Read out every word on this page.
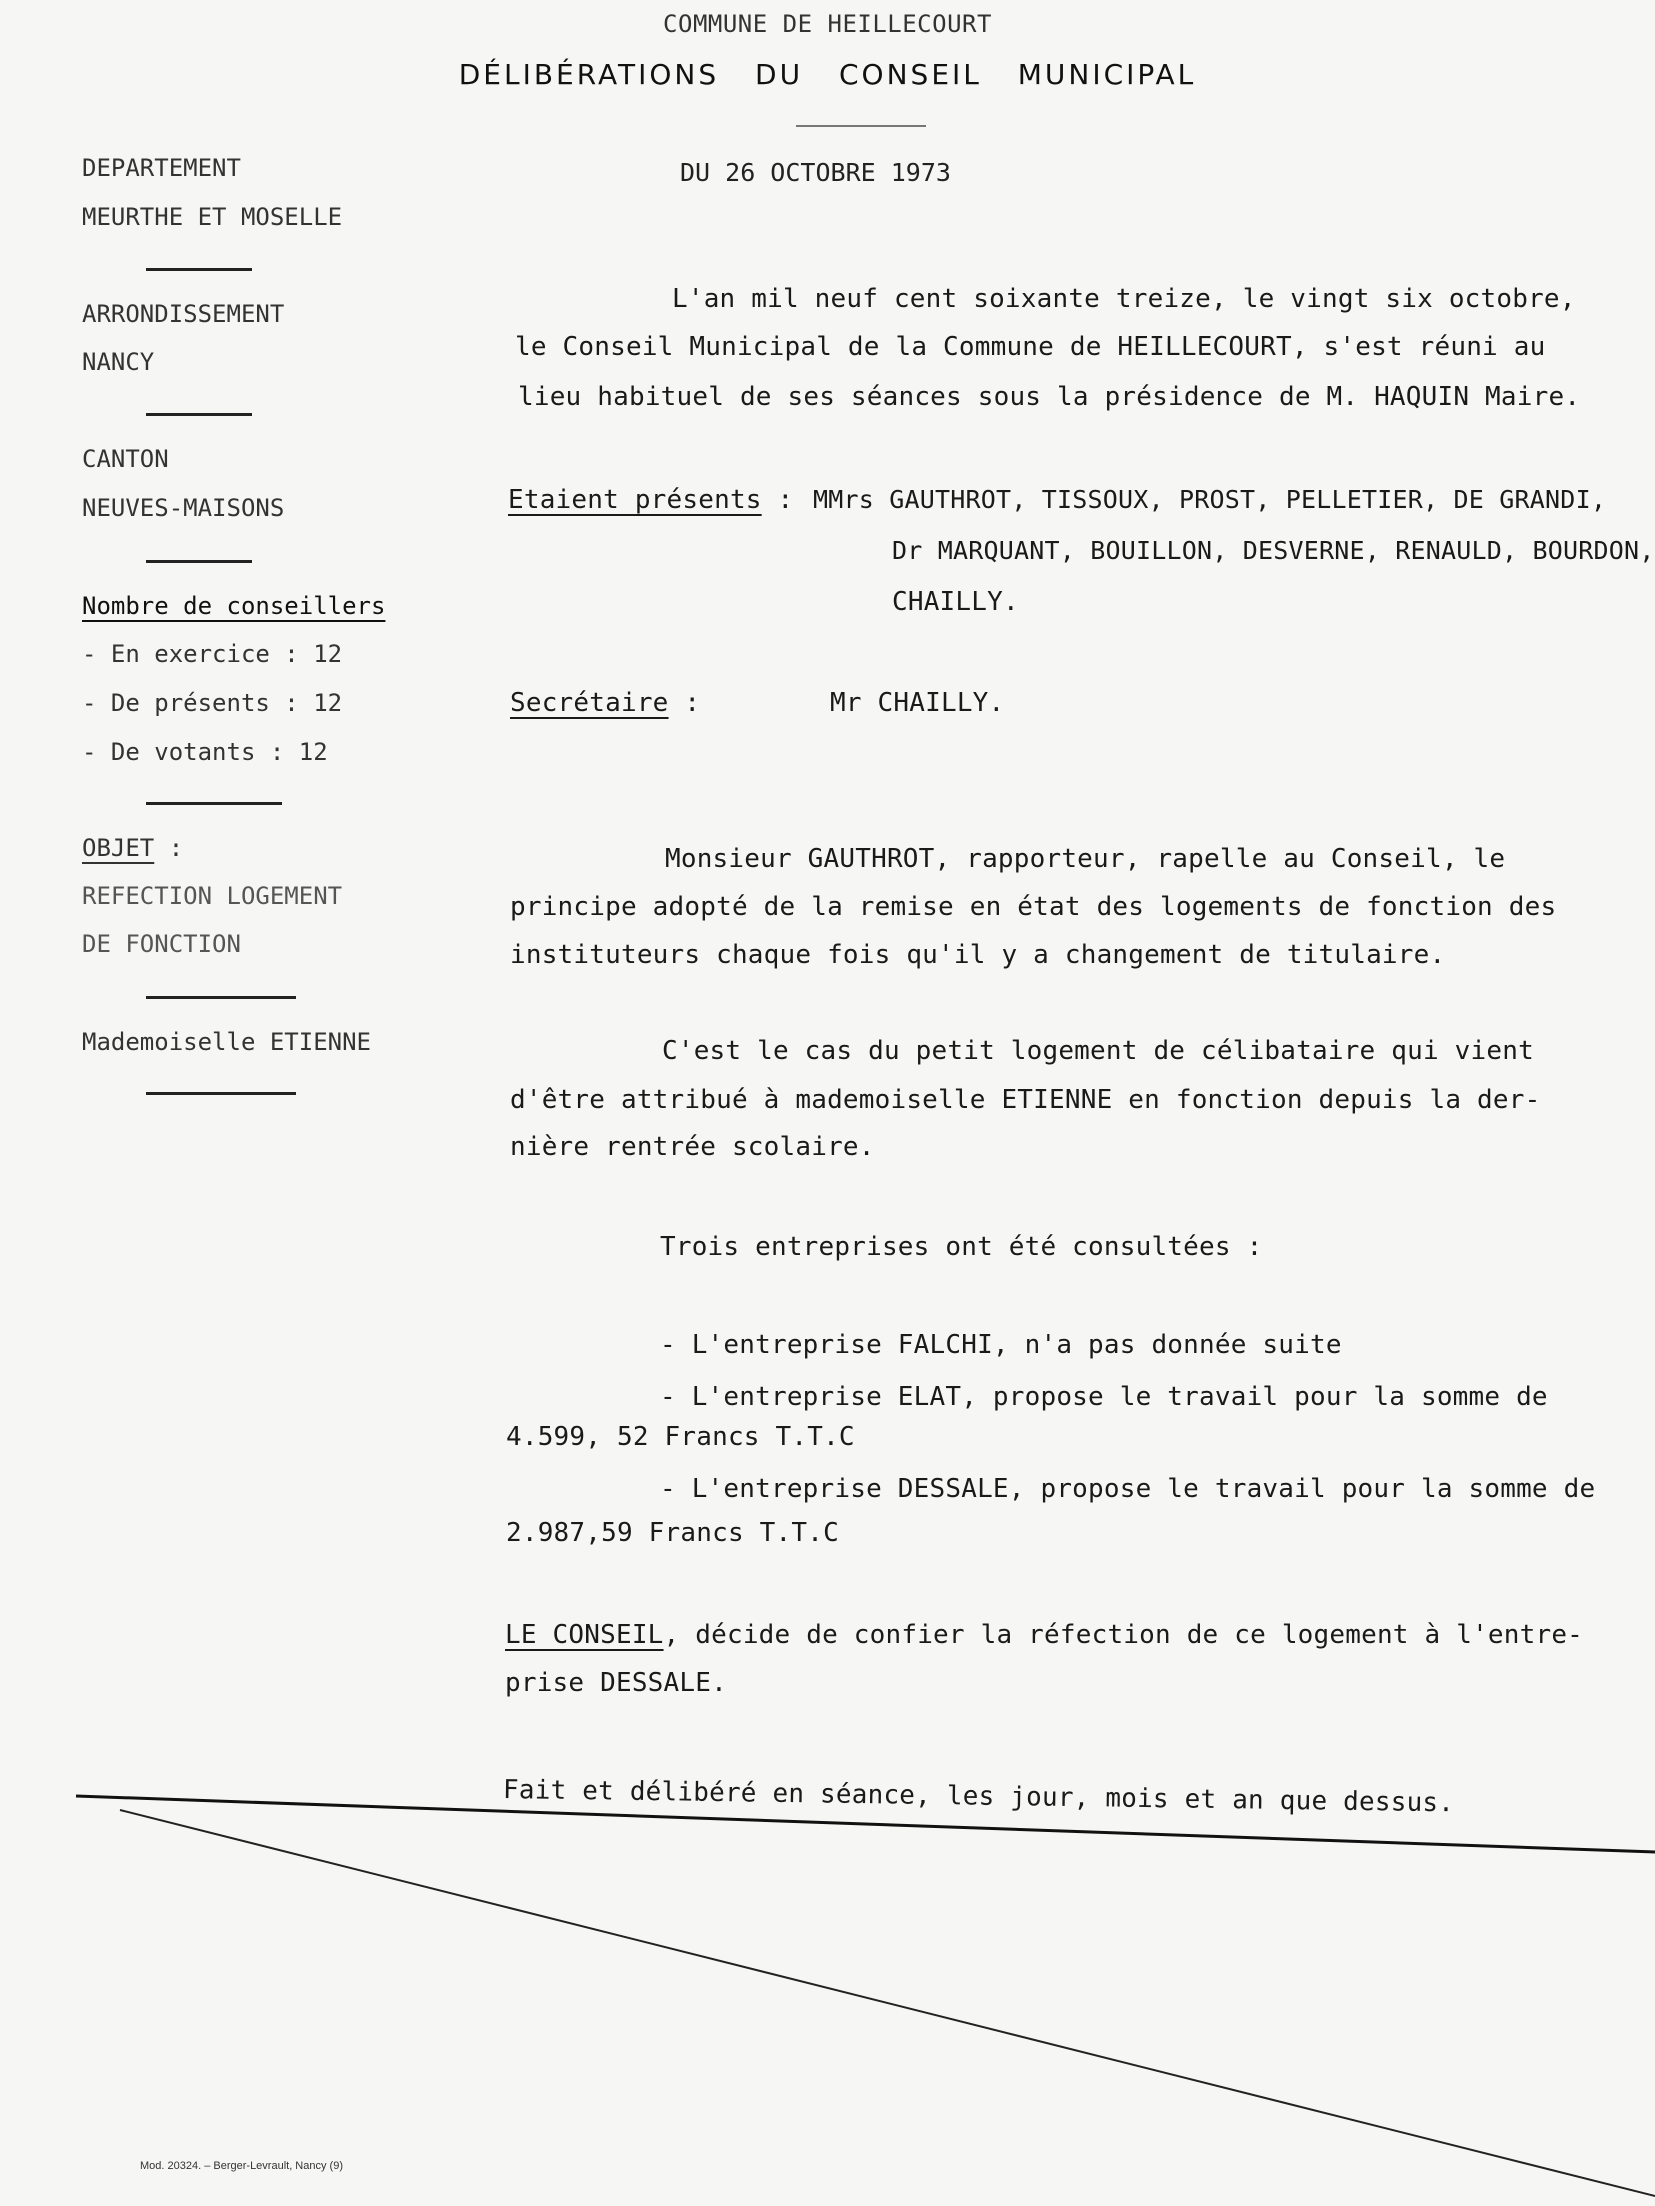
COMMUNE DE HEILLECOURT
DÉLIBÉRATIONS DU CONSEIL MUNICIPAL
DU 26 OCTOBRE 1973
DEPARTEMENT
MEURTHE ET MOSELLE
ARRONDISSEMENT
NANCY
CANTON
NEUVES-MAISONS
Nombre de conseillers
- En exercice : 12
- De présents : 12
- De votants : 12
OBJET :
REFECTION LOGEMENT
DE FONCTION
Mademoiselle ETIENNE
L'an mil neuf cent soixante treize, le vingt six octobre,
le Conseil Municipal de la Commune de HEILLECOURT, s'est réuni au
lieu habituel de ses séances sous la présidence de M. HAQUIN Maire.
Etaient présents : MMrs GAUTHROT, TISSOUX, PROST, PELLETIER, DE GRANDI,
Dr MARQUANT, BOUILLON, DESVERNE, RENAULD, BOURDON,
CHAILLY.
Secrétaire :	Mr CHAILLY.
Monsieur GAUTHROT, rapporteur, rapelle au Conseil, le
principe adopté de la remise en état des logements de fonction des
instituteurs chaque fois qu'il y a changement de titulaire.
C'est le cas du petit logement de célibataire qui vient
d'être attribué à mademoiselle ETIENNE en fonction depuis la der-
nière rentrée scolaire.
Trois entreprises ont été consultées :
- L'entreprise FALCHI, n'a pas donnée suite
- L'entreprise ELAT, propose le travail pour la somme de
4.599, 52 Francs T.T.C
- L'entreprise DESSALE, propose le travail pour la somme de
2.987,59 Francs T.T.C
LE CONSEIL, décide de confier la réfection de ce logement à l'entre-
prise DESSALE.
Fait et délibéré en séance, les jour, mois et an que dessus.
Mod. 20324. – Berger-Levrault, Nancy (9)
